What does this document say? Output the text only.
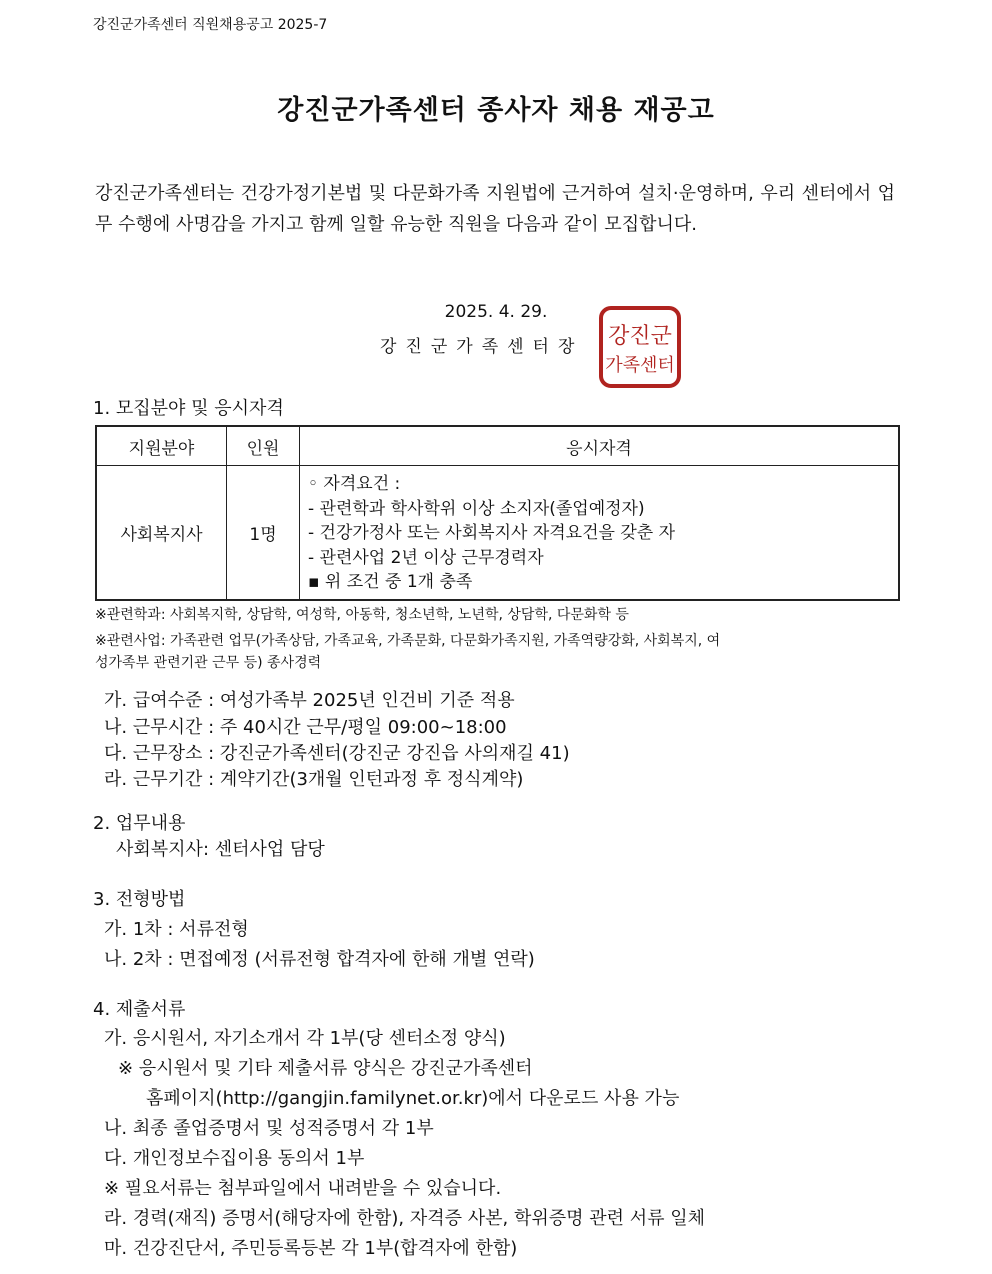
강진군가족센터 직원채용공고 2025-7
강진군가족센터 종사자 채용 재공고
강진군가족센터는 건강가정기본법 및 다문화가족 지원법에 근거하여 설치·운영하며, 우리 센터에서 업무 수행에 사명감을 가지고 함께 일할 유능한 직원을 다음과 같이 모집합니다.
2025. 4. 29.
강진군가족센터장 강진군
가족센터
1. 모집분야 및 응시자격
지원분야	인원	응시자격
사회복지사	1명	◦ 자격요건 :
- 관련학과 학사학위 이상 소지자(졸업예정자)
- 건강가정사 또는 사회복지사 자격요건을 갖춘 자
- 관련사업 2년 이상 근무경력자
▪ 위 조건 중 1개 충족
※관련학과: 사회복지학, 상담학, 여성학, 아동학, 청소년학, 노년학, 상담학, 다문화학 등
※관련사업: 가족관련 업무(가족상담, 가족교육, 가족문화, 다문화가족지원, 가족역량강화, 사회복지, 여
성가족부 관련기관 근무 등) 종사경력
가. 급여수준 : 여성가족부 2025년 인건비 기준 적용
나. 근무시간 : 주 40시간 근무/평일 09:00~18:00
다. 근무장소 : 강진군가족센터(강진군 강진읍 사의재길 41)
라. 근무기간 : 계약기간(3개월 인턴과정 후 정식계약)
2. 업무내용
사회복지사: 센터사업 담당
3. 전형방법
가. 1차 : 서류전형
나. 2차 : 면접예정 (서류전형 합격자에 한해 개별 연락)
4. 제출서류
가. 응시원서, 자기소개서 각 1부(당 센터소정 양식)
※ 응시원서 및 기타 제출서류 양식은 강진군가족센터
홈페이지(http://gangjin.familynet.or.kr)에서 다운로드 사용 가능
나. 최종 졸업증명서 및 성적증명서 각 1부
다. 개인정보수집이용 동의서 1부
※ 필요서류는 첨부파일에서 내려받을 수 있습니다.
라. 경력(재직) 증명서(해당자에 한함), 자격증 사본, 학위증명 관련 서류 일체
마. 건강진단서, 주민등록등본 각 1부(합격자에 한함)
